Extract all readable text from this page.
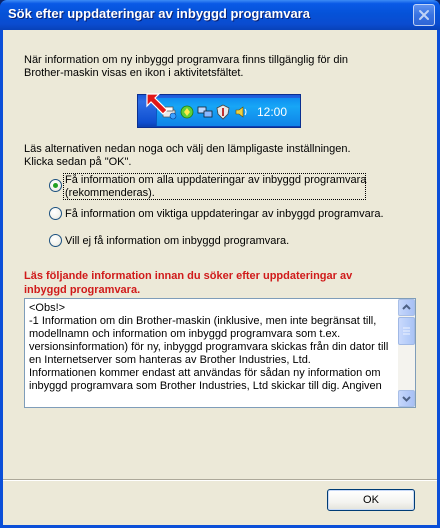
Sök efter uppdateringar av inbyggd programvara
När information om ny inbyggd programvara finns tillgänglig för din
Brother-maskin visas en ikon i aktivitetsfältet.
12:00
Läs alternativen nedan noga och välj den lämpligaste inställningen.
Klicka sedan på "OK".
Få information om alla uppdateringar av inbyggd programvara
(rekommenderas).
Få information om viktiga uppdateringar av inbyggd programvara.
Vill ej få information om inbyggd programvara.
Läs följande information innan du söker efter uppdateringar av
inbyggd programvara.
<Obs!>
-1 Information om din Brother-maskin (inklusive, men inte begränsat till,
modellnamn och information om inbyggd programvara som t.ex.
versionsinformation) för ny, inbyggd programvara skickas från din dator till
en Internetserver som hanteras av Brother Industries, Ltd.
Informationen kommer endast att användas för sådan ny information om
inbyggd programvara som Brother Industries, Ltd skickar till dig. Angiven
OK
